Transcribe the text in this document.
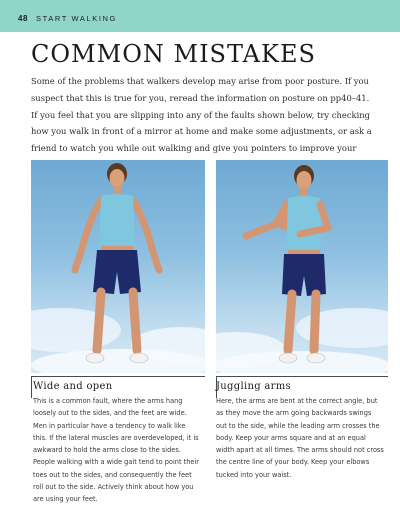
48 START WALKING
COMMON MISTAKES

Some of the problems that walkers develop may arise from poor posture. If you suspect that this is true for you, reread the information on posture on pp40–41. If you feel that you are slipping into any of the faults shown below, try checking how you walk in front of a mirror at home and make some adjustments, or ask a friend to watch you while out walking and give you pointers to improve your

Wide and open

This is a common fault, where the arms hang loosely out to the sides, and the feet are wide. Men in particular have a tendency to walk like this. If the lateral muscles are overdeveloped, it is awkward to hold the arms close to the sides. People walking with a wide gait tend to point their toes out to the sides, and consequently the feet roll out to the side. Actively think about how you are using your feet.

Juggling arms

Here, the arms are bent at the correct angle, but as they move the arm going backwards swings out to the side, while the leading arm crosses the body. Keep your arms square and at an equal width apart at all times. The arms should not cross the centre line of your body. Keep your elbows tucked into your waist.
